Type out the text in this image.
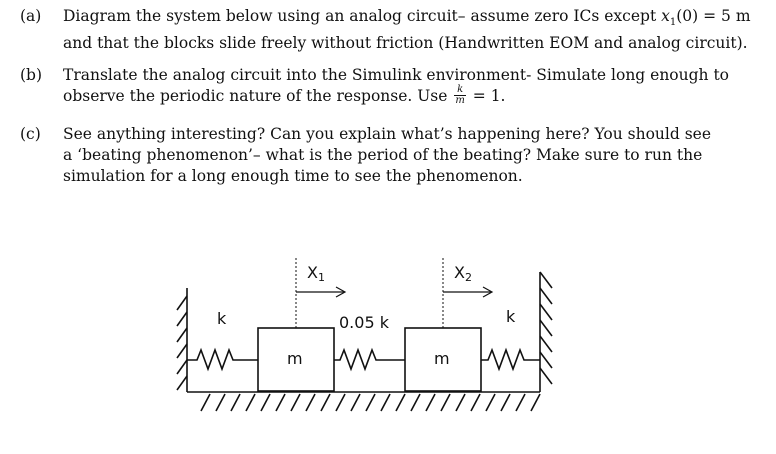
(a) Diagram the system below using an analog circuit– assume zero ICs except $x_1(0) = 5$ m
and that the blocks slide freely without friction (Handwritten EOM and analog circuit).
(b) Translate the analog circuit into the Simulink environment- Simulate long enough to
observe the periodic nature of the response. Use $\frac{k}{m} = 1$.
(c) See anything interesting? Can you explain what’s happening here? You should see
a ‘beating phenomenon’– what is the period of the beating? Make sure to run the
simulation for a long enough time to see the phenomenon.
k	0.05 k	k
m	m
X1	X2
